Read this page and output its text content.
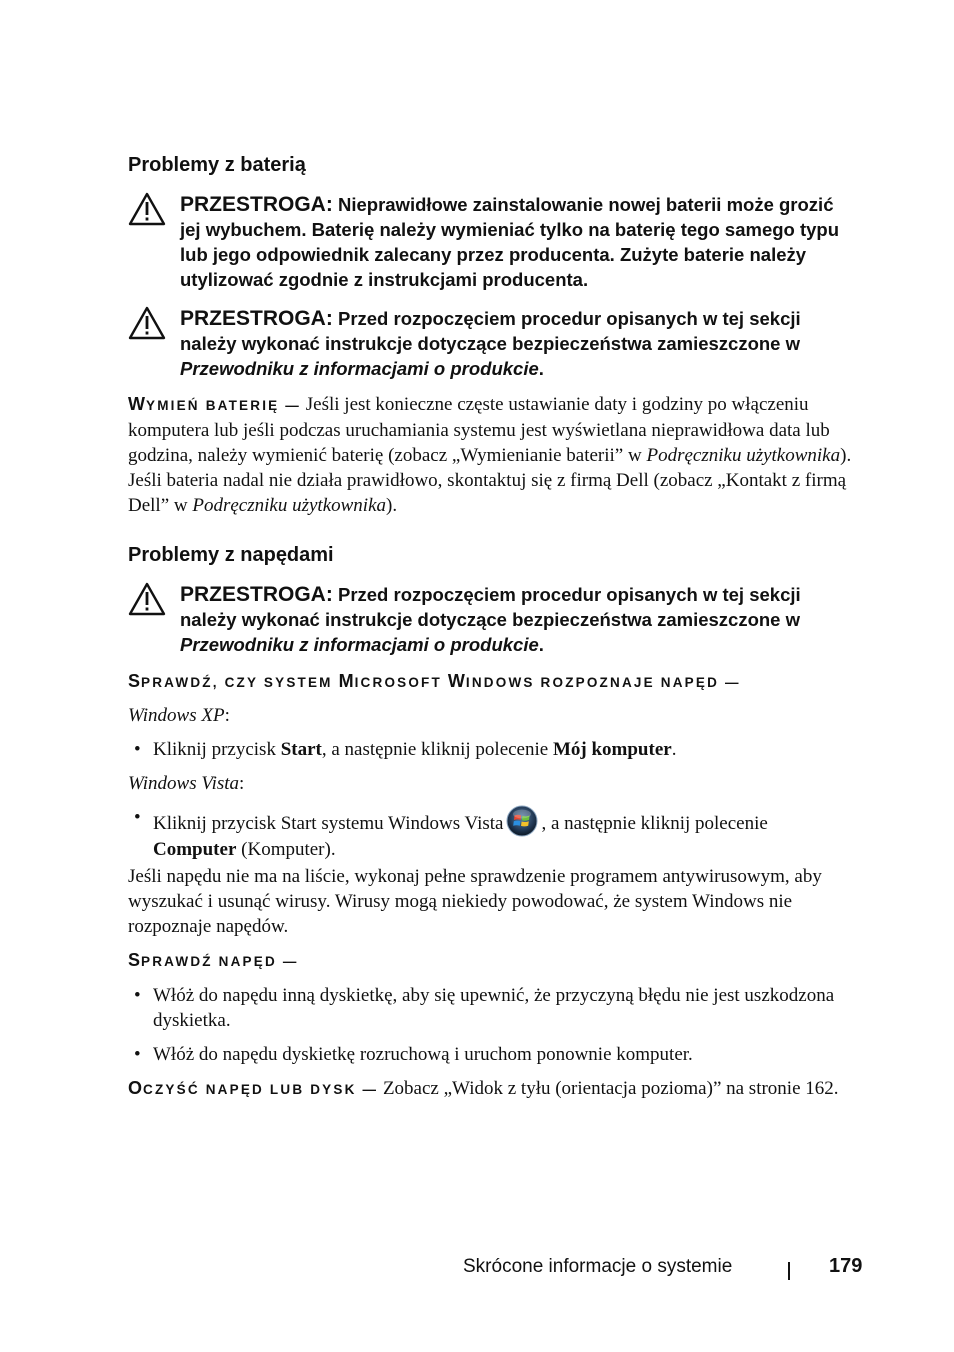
Problemy z baterią
PRZESTROGA: Nieprawidłowe zainstalowanie nowej baterii może grozić jej wybuchem. Baterię należy wymieniać tylko na baterię tego samego typu lub jego odpowiednik zalecany przez producenta. Zużyte baterie należy utylizować zgodnie z instrukcjami producenta.
PRZESTROGA: Przed rozpoczęciem procedur opisanych w tej sekcji należy wykonać instrukcje dotyczące bezpieczeństwa zamieszczone w Przewodniku z informacjami o produkcie.

WYMIEŃ BATERIĘ — Jeśli jest konieczne częste ustawianie daty i godziny po włączeniu komputera lub jeśli podczas uruchamiania systemu jest wyświetlana nieprawidłowa data lub godzina, należy wymienić baterię (zobacz „Wymienianie baterii” w Podręczniku użytkownika). Jeśli bateria nadal nie działa prawidłowo, skontaktuj się z firmą Dell (zobacz „Kontakt z firmą Dell” w Podręczniku użytkownika).

Problemy z napędami
PRZESTROGA: Przed rozpoczęciem procedur opisanych w tej sekcji należy wykonać instrukcje dotyczące bezpieczeństwa zamieszczone w Przewodniku z informacjami o produkcie.
SPRAWDŹ, CZY SYSTEM MICROSOFT WINDOWS ROZPOZNAJE NAPĘD —

Windows XP:

• Kliknij przycisk Start, a następnie kliknij polecenie Mój komputer.

Windows Vista:

• Kliknij przycisk Start systemu Windows Vista , a następnie kliknij polecenie
Computer (Komputer).

Jeśli napędu nie ma na liście, wykonaj pełne sprawdzenie programem antywirusowym, aby wyszukać i usunąć wirusy. Wirusy mogą niekiedy powodować, że system Windows nie rozpoznaje napędów.

SPRAWDŹ NAPĘD —
• Włóż do napędu inną dyskietkę, aby się upewnić, że przyczyną błędu nie jest uszkodzona dyskietka.
• Włóż do napędu dyskietkę rozruchową i uruchom ponownie komputer.

OCZYŚĆ NAPĘD LUB DYSK — Zobacz „Widok z tyłu (orientacja pozioma)” na stronie 162.

Skrócone informacje o systemie	179
